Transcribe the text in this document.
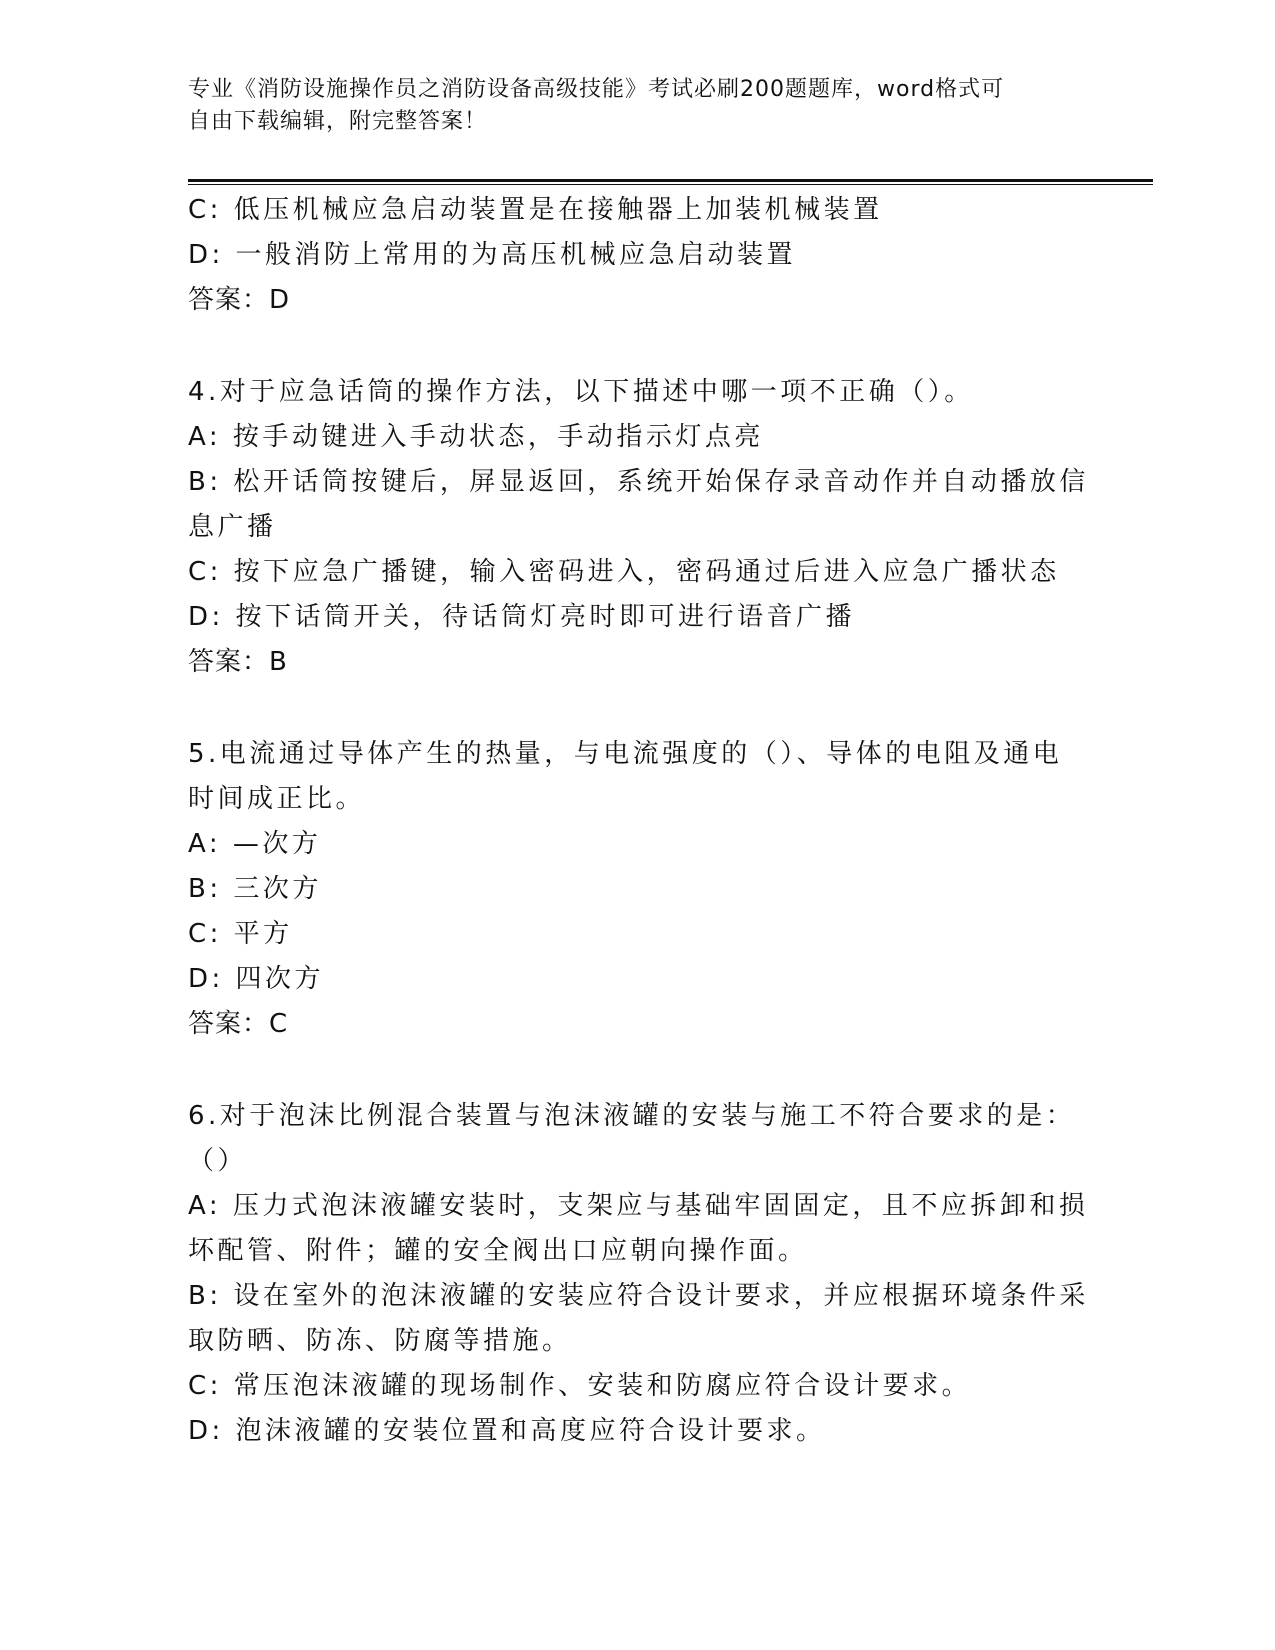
专业《消防设施操作员之消防设备高级技能》考试必刷200题题库，word格式可
自由下载编辑，附完整答案！
C: 低压机械应急启动装置是在接触器上加装机械装置
D: 一般消防上常用的为高压机械应急启动装置
答案：D
4.对于应急话筒的操作方法，以下描述中哪一项不正确（）。
A: 按手动键进入手动状态，手动指示灯点亮
B: 松开话筒按键后，屏显返回，系统开始保存录音动作并自动播放信
息广播
C: 按下应急广播键，输入密码进入，密码通过后进入应急广播状态
D: 按下话筒开关，待话筒灯亮时即可进行语音广播
答案：B
5.电流通过导体产生的热量，与电流强度的（）、导体的电阻及通电
时间成正比。
A: —次方
B: 三次方
C: 平方
D: 四次方
答案：C
6.对于泡沫比例混合装置与泡沫液罐的安装与施工不符合要求的是：
（）
A: 压力式泡沫液罐安装时，支架应与基础牢固固定，且不应拆卸和损
坏配管、附件；罐的安全阀出口应朝向操作面。
B: 设在室外的泡沫液罐的安装应符合设计要求，并应根据环境条件采
取防晒、防冻、防腐等措施。
C: 常压泡沫液罐的现场制作、安装和防腐应符合设计要求。
D: 泡沫液罐的安装位置和高度应符合设计要求。
